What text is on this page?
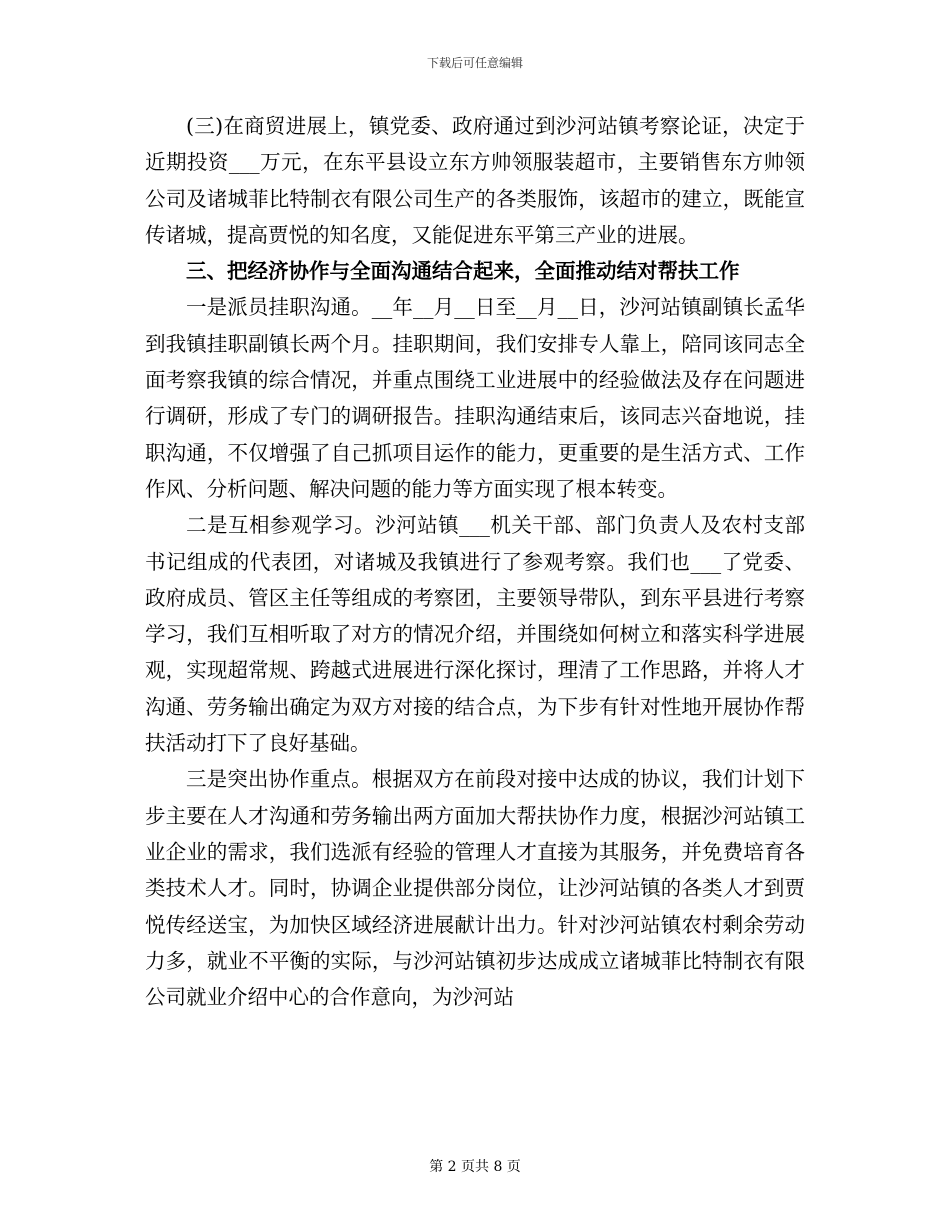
下载后可任意编辑

(三)在商贸进展上，镇党委、政府通过到沙河站镇考察论证，决定于近期投资___万元，在东平县设立东方帅领服装超市，主要销售东方帅领公司及诸城菲比特制衣有限公司生产的各类服饰，该超市的建立，既能宣传诸城，提高贾悦的知名度，又能促进东平第三产业的进展。

三、把经济协作与全面沟通结合起来，全面推动结对帮扶工作

一是派员挂职沟通。__年__月__日至__月__日，沙河站镇副镇长孟华到我镇挂职副镇长两个月。挂职期间，我们安排专人靠上，陪同该同志全面考察我镇的综合情况，并重点围绕工业进展中的经验做法及存在问题进行调研，形成了专门的调研报告。挂职沟通结束后，该同志兴奋地说，挂职沟通，不仅增强了自己抓项目运作的能力，更重要的是生活方式、工作作风、分析问题、解决问题的能力等方面实现了根本转变。

二是互相参观学习。沙河站镇___机关干部、部门负责人及农村支部书记组成的代表团，对诸城及我镇进行了参观考察。我们也___了党委、政府成员、管区主任等组成的考察团，主要领导带队，到东平县进行考察学习，我们互相听取了对方的情况介绍，并围绕如何树立和落实科学进展观，实现超常规、跨越式进展进行深化探讨，理清了工作思路，并将人才沟通、劳务输出确定为双方对接的结合点，为下步有针对性地开展协作帮扶活动打下了良好基础。

三是突出协作重点。根据双方在前段对接中达成的协议，我们计划下步主要在人才沟通和劳务输出两方面加大帮扶协作力度，根据沙河站镇工业企业的需求，我们选派有经验的管理人才直接为其服务，并免费培育各类技术人才。同时，协调企业提供部分岗位，让沙河站镇的各类人才到贾悦传经送宝，为加快区域经济进展献计出力。针对沙河站镇农村剩余劳动力多，就业不平衡的实际，与沙河站镇初步达成成立诸城菲比特制衣有限公司就业介绍中心的合作意向，为沙河站

第 2 页共 8 页
